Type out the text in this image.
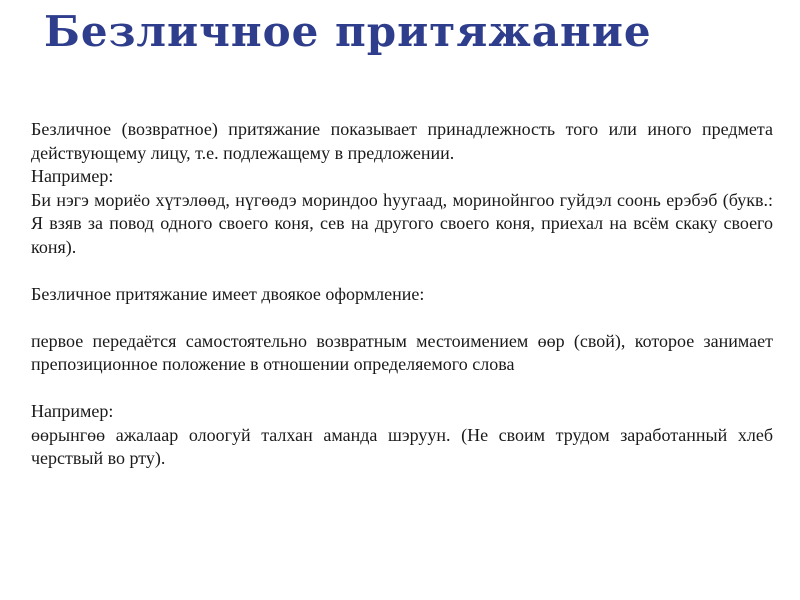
Безличное притяжание

Безличное (возвратное) притяжание показывает принадлежность того или иного предмета действующему лицу, т.е. подлежащему в предложении.

Например:

Би нэгэ мориёо хүтэлөөд, нүгөөдэ мориндоо һуугаад, моринойнгоо гуйдэл соонь ерэбэб (букв.: Я взяв за повод одного своего коня, сев на другого своего коня, приехал на всём скаку своего коня).

Безличное притяжание имеет двоякое оформление:

первое передаётся самостоятельно возвратным местоимением өөр (свой), которое занимает препозиционное положение в отношении определяемого слова

Например:

өөрынгөө ажалаар олоогуй талхан аманда шэруун. (Не своим трудом заработанный хлеб черствый во рту).
